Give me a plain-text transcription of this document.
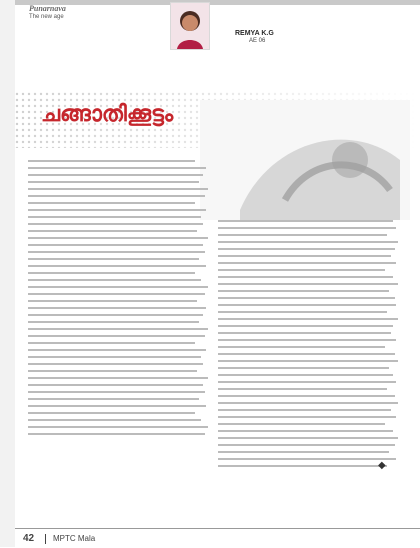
Punarnava
The new age
REMYA K.G
AE 06
ചങ്ങാതിക്കൂട്ടം
◆
42 MPTC Mala
